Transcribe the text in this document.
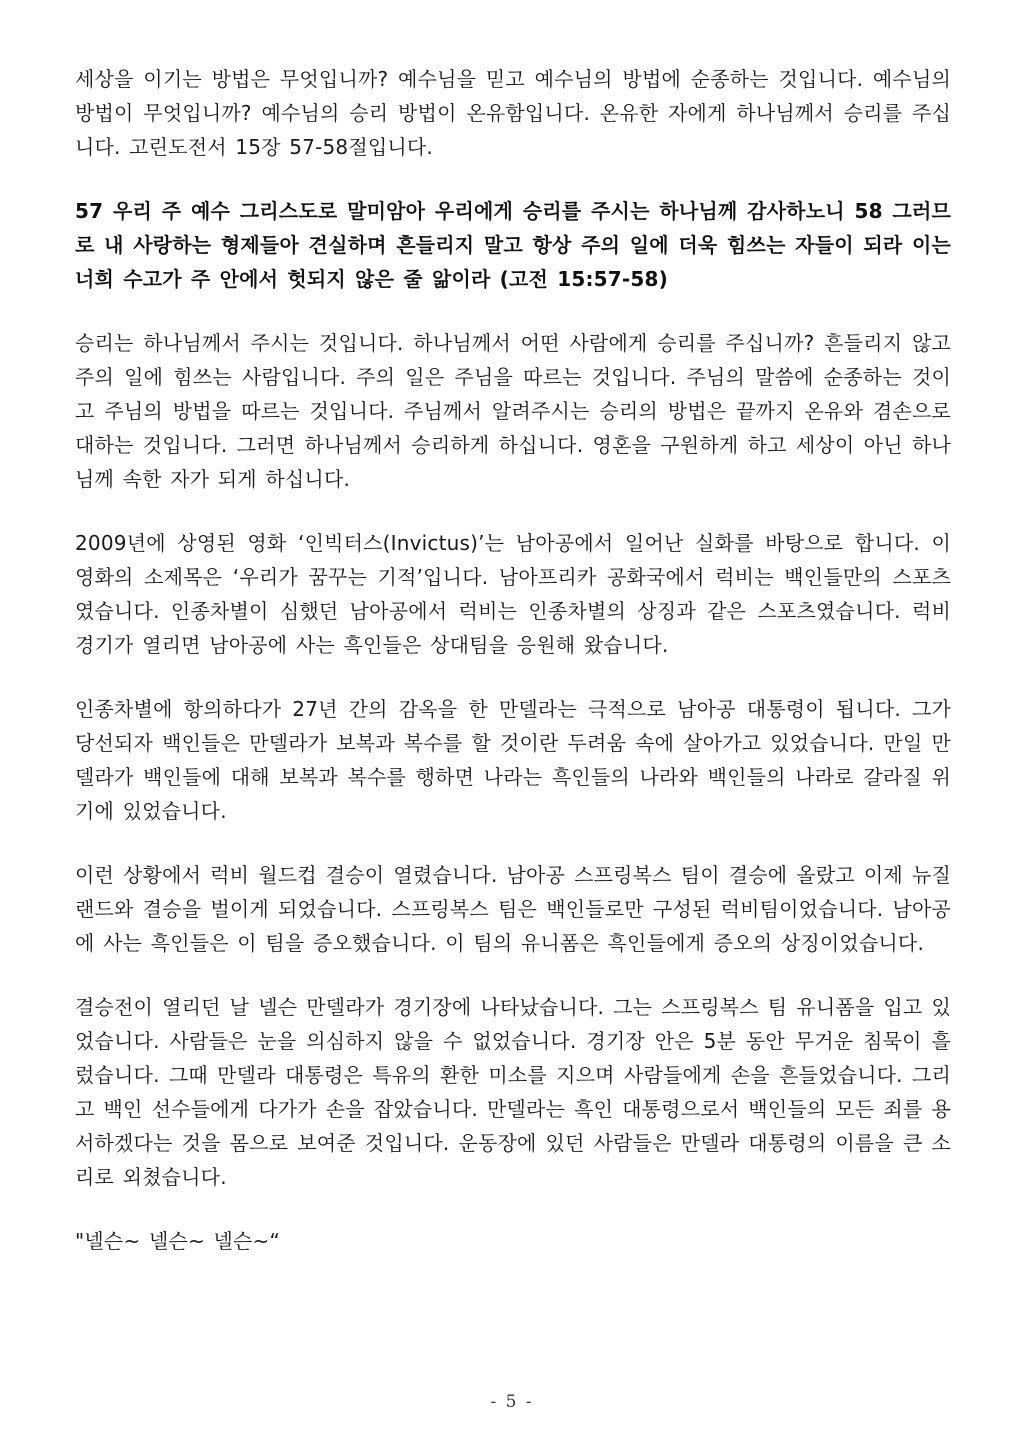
세상을 이기는 방법은 무엇입니까? 예수님을 믿고 예수님의 방법에 순종하는 것입니다. 예수님의 방법이 무엇입니까? 예수님의 승리 방법이 온유함입니다. 온유한 자에게 하나님께서 승리를 주십니다. 고린도전서 15장 57-58절입니다.

57 우리 주 예수 그리스도로 말미암아 우리에게 승리를 주시는 하나님께 감사하노니 58 그러므로 내 사랑하는 형제들아 견실하며 흔들리지 말고 항상 주의 일에 더욱 힘쓰는 자들이 되라 이는 너희 수고가 주 안에서 헛되지 않은 줄 앎이라 (고전 15:57-58)

승리는 하나님께서 주시는 것입니다. 하나님께서 어떤 사람에게 승리를 주십니까? 흔들리지 않고 주의 일에 힘쓰는 사람입니다. 주의 일은 주님을 따르는 것입니다. 주님의 말씀에 순종하는 것이고 주님의 방법을 따르는 것입니다. 주님께서 알려주시는 승리의 방법은 끝까지 온유와 겸손으로 대하는 것입니다. 그러면 하나님께서 승리하게 하십니다. 영혼을 구원하게 하고 세상이 아닌 하나님께 속한 자가 되게 하십니다.

2009년에 상영된 영화 ‘인빅터스(Invictus)’는 남아공에서 일어난 실화를 바탕으로 합니다. 이 영화의 소제목은 ‘우리가 꿈꾸는 기적’입니다. 남아프리카 공화국에서 럭비는 백인들만의 스포츠였습니다. 인종차별이 심했던 남아공에서 럭비는 인종차별의 상징과 같은 스포츠였습니다. 럭비 경기가 열리면 남아공에 사는 흑인들은 상대팀을 응원해 왔습니다.

인종차별에 항의하다가 27년 간의 감옥을 한 만델라는 극적으로 남아공 대통령이 됩니다. 그가 당선되자 백인들은 만델라가 보복과 복수를 할 것이란 두려움 속에 살아가고 있었습니다. 만일 만델라가 백인들에 대해 보복과 복수를 행하면 나라는 흑인들의 나라와 백인들의 나라로 갈라질 위기에 있었습니다.

이런 상황에서 럭비 월드컵 결승이 열렸습니다. 남아공 스프링복스 팀이 결승에 올랐고 이제 뉴질랜드와 결승을 벌이게 되었습니다. 스프링복스 팀은 백인들로만 구성된 럭비팀이었습니다. 남아공에 사는 흑인들은 이 팀을 증오했습니다. 이 팀의 유니폼은 흑인들에게 증오의 상징이었습니다.

결승전이 열리던 날 넬슨 만델라가 경기장에 나타났습니다. 그는 스프링복스 팀 유니폼을 입고 있었습니다. 사람들은 눈을 의심하지 않을 수 없었습니다. 경기장 안은 5분 동안 무거운 침묵이 흘렀습니다. 그때 만델라 대통령은 특유의 환한 미소를 지으며 사람들에게 손을 흔들었습니다. 그리고 백인 선수들에게 다가가 손을 잡았습니다. 만델라는 흑인 대통령으로서 백인들의 모든 죄를 용서하겠다는 것을 몸으로 보여준 것입니다. 운동장에 있던 사람들은 만델라 대통령의 이름을 큰 소리로 외쳤습니다.

"넬슨~ 넬슨~ 넬슨~“

- 5 -
